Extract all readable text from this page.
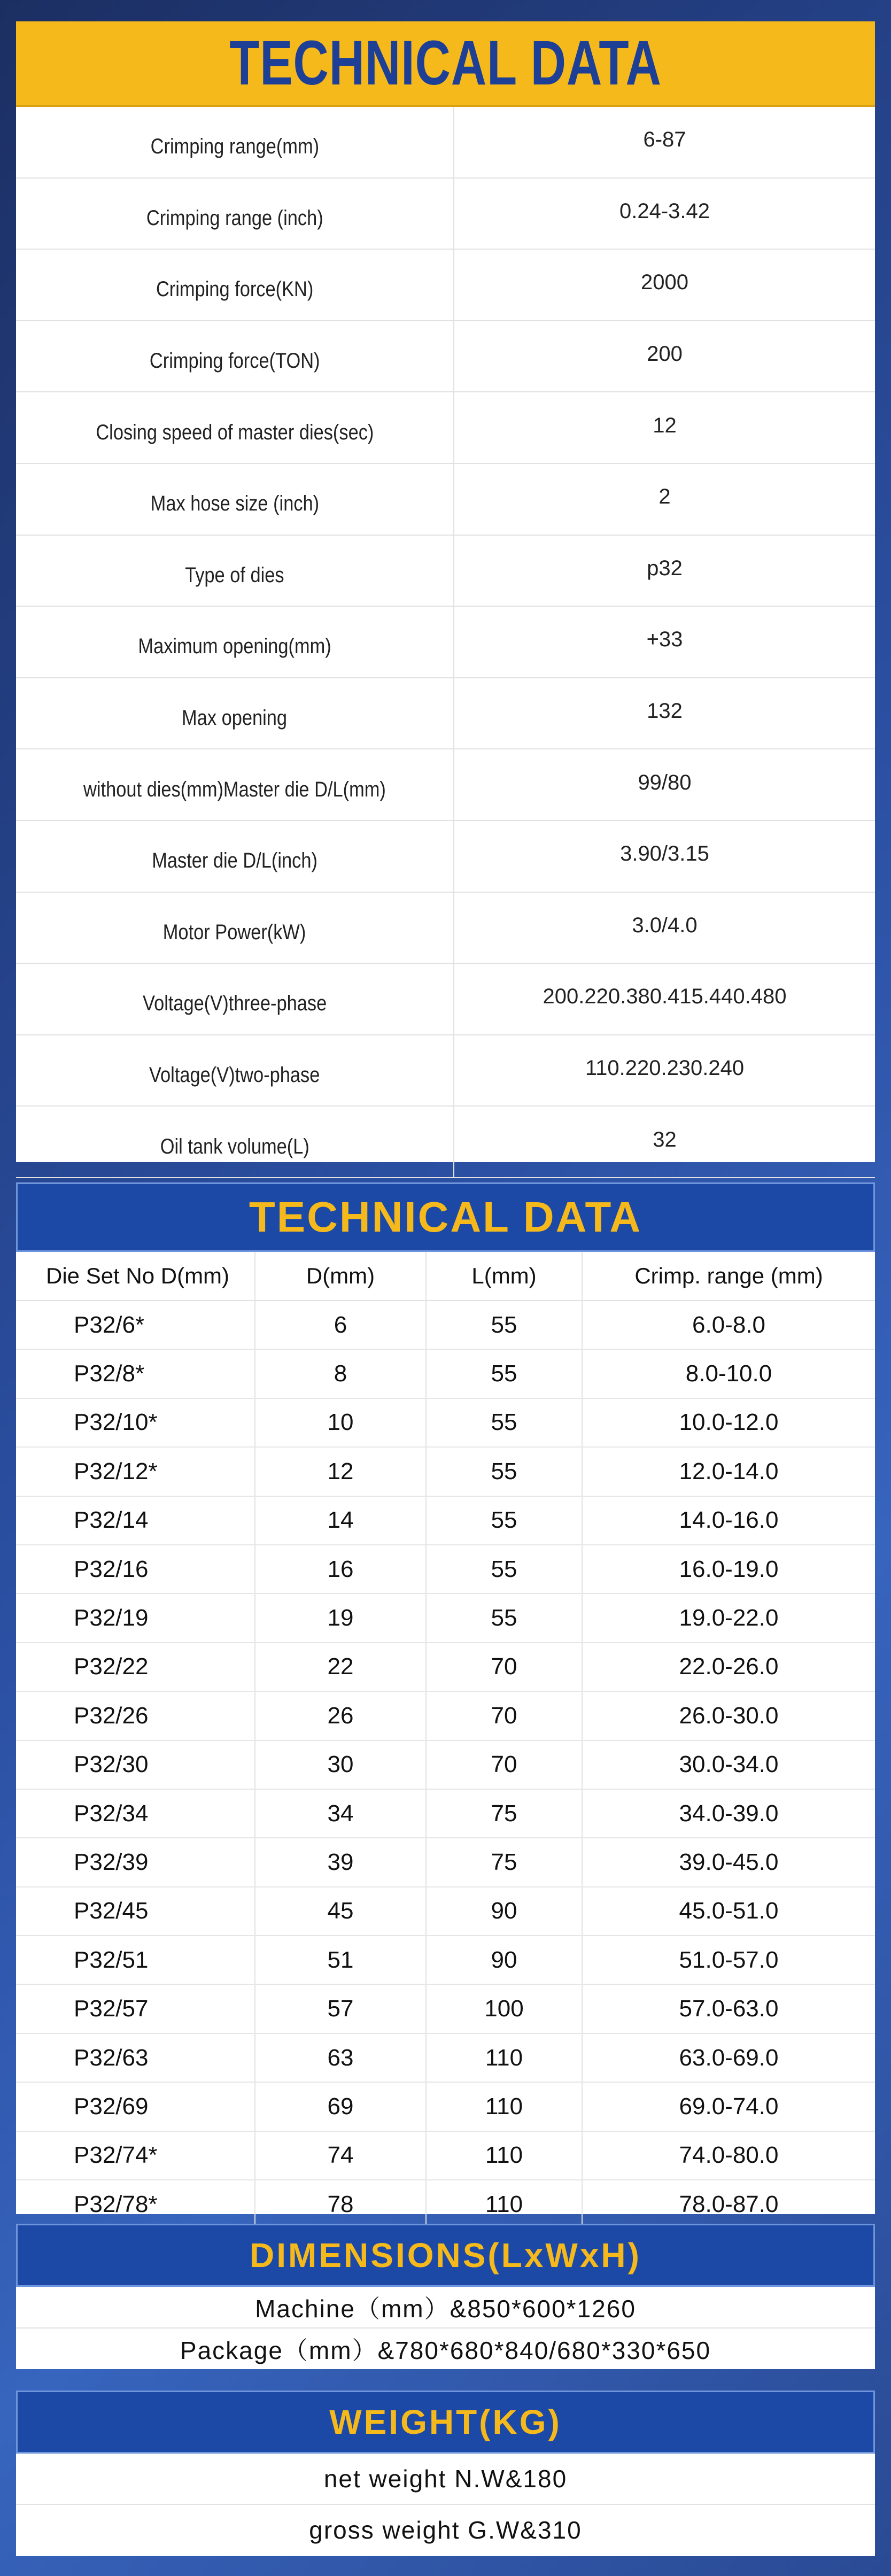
TECHNICAL DATA
Crimping range(mm)	6-87
Crimping range (inch)	0.24-3.42
Crimping force(KN)	2000
Crimping force(TON)	200
Closing speed of master dies(sec)	12
Max hose size (inch)	2
Type of dies	p32
Maximum opening(mm)	+33
Max opening	132
without dies(mm)Master die D/L(mm)	99/80
Master die D/L(inch)	3.90/3.15
Motor Power(kW)	3.0/4.0
Voltage(V)three-phase	200.220.380.415.440.480
Voltage(V)two-phase	110.220.230.240
Oil tank volume(L)	32
TECHNICAL DATA
Die Set No D(mm)	D(mm)	L(mm)	Crimp. range (mm)
P32/6*	6	55	6.0-8.0
P32/8*	8	55	8.0-10.0
P32/10*	10	55	10.0-12.0
P32/12*	12	55	12.0-14.0
P32/14	14	55	14.0-16.0
P32/16	16	55	16.0-19.0
P32/19	19	55	19.0-22.0
P32/22	22	70	22.0-26.0
P32/26	26	70	26.0-30.0
P32/30	30	70	30.0-34.0
P32/34	34	75	34.0-39.0
P32/39	39	75	39.0-45.0
P32/45	45	90	45.0-51.0
P32/51	51	90	51.0-57.0
P32/57	57	100	57.0-63.0
P32/63	63	110	63.0-69.0
P32/69	69	110	69.0-74.0
P32/74*	74	110	74.0-80.0
P32/78*	78	110	78.0-87.0
DIMENSIONS(LxWxH)
Machine（mm）&850*600*1260
Package（mm）&780*680*840/680*330*650
WEIGHT(KG)
net weight N.W&180
gross weight G.W&310
